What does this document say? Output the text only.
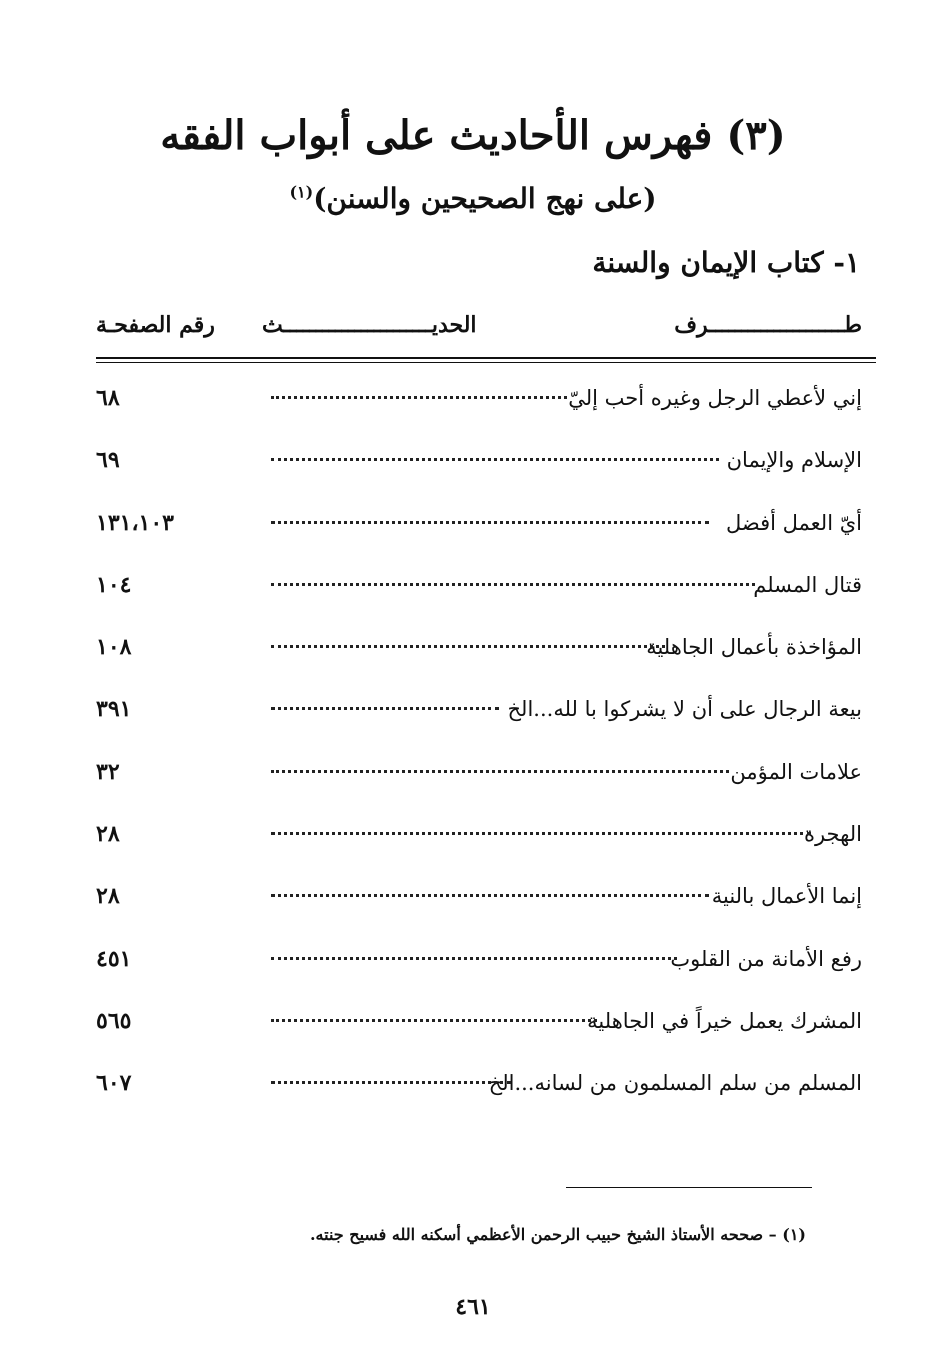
(٣) فهرس الأحاديث على أبواب الفقه
(على نهج الصحيحين والسنن)$^{(١)}$
١- كتاب الإيمان والسنة
طـــــــــــــــــــــرف الحديـــــــــــــــــــــــث
رقم الصفحـة
إني لأعطي الرجل وغيره أحب إليّ
٦٨
الإسلام والإيمان
٦٩
أيّ العمل أفضل
١٣١،١٠٣
قتال المسلم
١٠٤
المؤاخذة بأعمال الجاهلية
١٠٨
بيعة الرجال على أن لا يشركوا با لله...الخ
٣٩١
علامات المؤمن
٣٢
الهجرة
٢٨
إنما الأعمال بالنية
٢٨
رفع الأمانة من القلوب
٤٥١
المشرك يعمل خيراً في الجاهلية
٥٦٥
المسلم من سلم المسلمون من لسانه...الخ
٦٠٧
(١) – صححه الأستاذ الشيخ حبيب الرحمن الأعظمي أسكنه الله فسيح جنته.
٤٦١
